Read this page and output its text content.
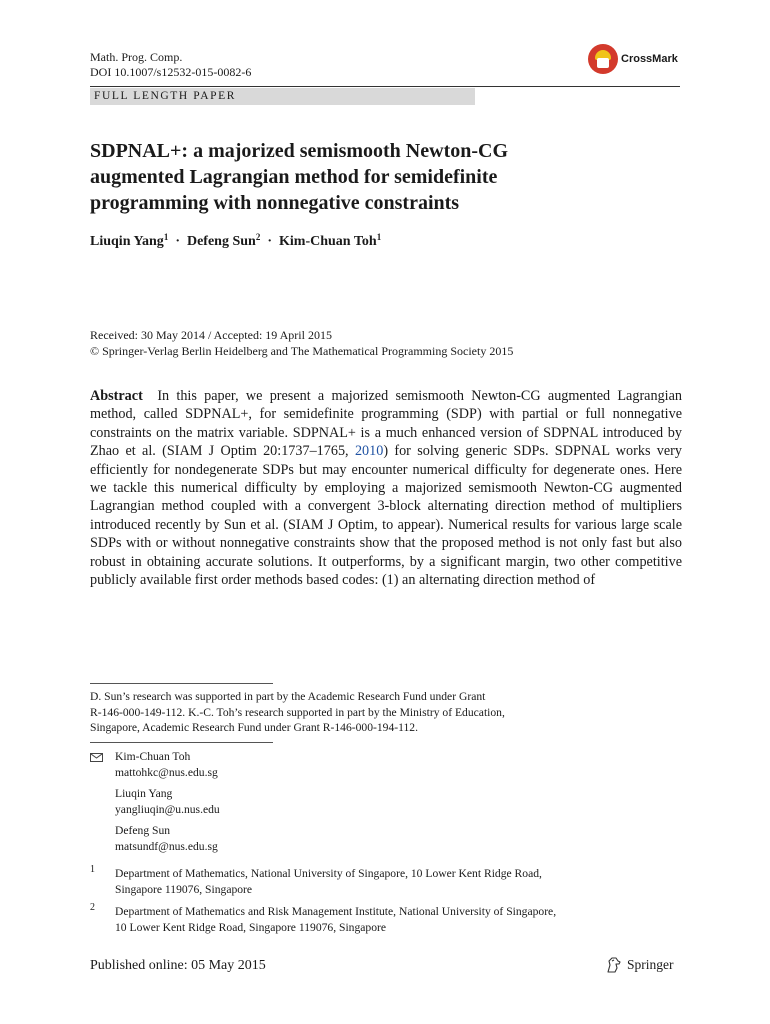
Math. Prog. Comp.
DOI 10.1007/s12532-015-0082-6
CrossMark
FULL LENGTH PAPER
SDPNAL+: a majorized semismooth Newton-CG
augmented Lagrangian method for semidefinite
programming with nonnegative constraints
Liuqin Yang$^1$ · Defeng Sun$^2$ · Kim-Chuan Toh$^1$
Received: 30 May 2014 / Accepted: 19 April 2015
© Springer-Verlag Berlin Heidelberg and The Mathematical Programming Society 2015
Abstract In this paper, we present a majorized semismooth Newton-CG augmented Lagrangian method, called SDPNAL+, for semidefinite programming (SDP) with partial or full nonnegative constraints on the matrix variable. SDPNAL+ is a much enhanced version of SDPNAL introduced by Zhao et al. (SIAM J Optim 20:1737–1765, 2010) for solving generic SDPs. SDPNAL works very efficiently for nondegenerate SDPs but may encounter numerical difficulty for degenerate ones. Here we tackle this numerical difficulty by employing a majorized semismooth Newton-CG augmented Lagrangian method coupled with a convergent 3-block alternating direction method of multipliers introduced recently by Sun et al. (SIAM J Optim, to appear). Numerical results for various large scale SDPs with or without nonnegative constraints show that the proposed method is not only fast but also robust in obtaining accurate solutions. It outperforms, by a significant margin, two other competitive publicly available first order methods based codes: (1) an alternating direction method of
D. Sun’s research was supported in part by the Academic Research Fund under Grant
R-146-000-149-112. K.-C. Toh’s research supported in part by the Ministry of Education,
Singapore, Academic Research Fund under Grant R-146-000-194-112.
Kim-Chuan Toh
mattohkc@nus.edu.sg
Liuqin Yang
yangliuqin@u.nus.edu
Defeng Sun
matsundf@nus.edu.sg
1 Department of Mathematics, National University of Singapore, 10 Lower Kent Ridge Road,
Singapore 119076, Singapore
2 Department of Mathematics and Risk Management Institute, National University of Singapore,
10 Lower Kent Ridge Road, Singapore 119076, Singapore
Published online: 05 May 2015	Springer
